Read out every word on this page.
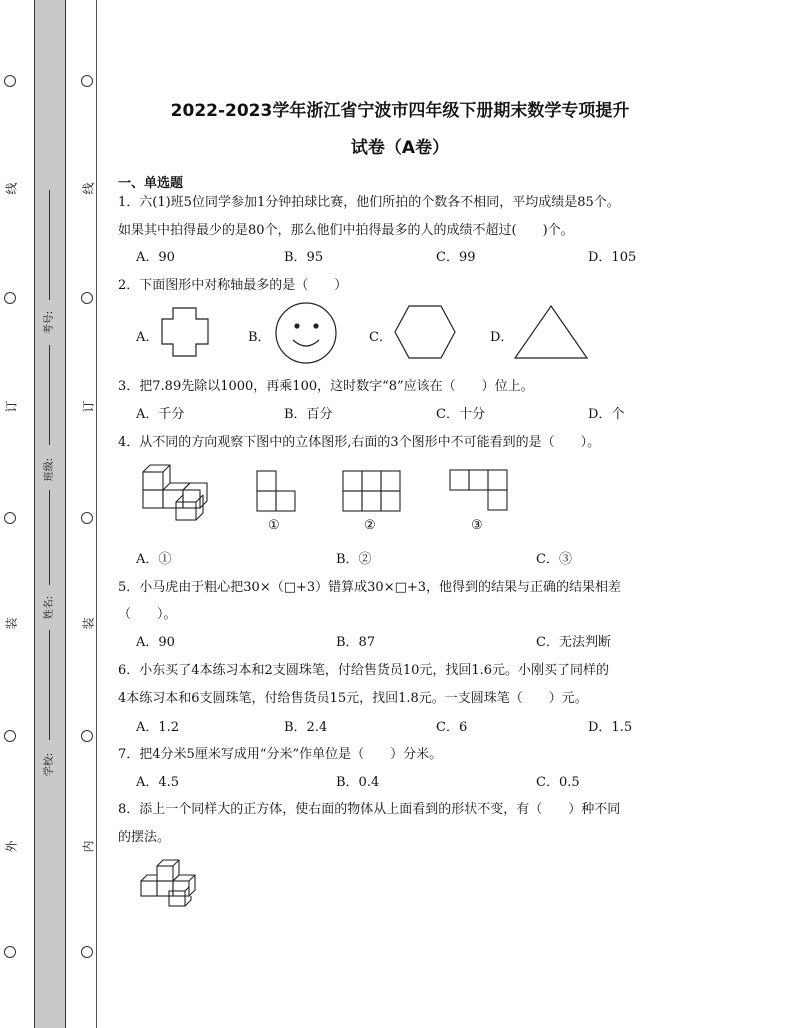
线
订
装
外
线
订
装
内
考号:
班级:
姓名:
学校:
2022-2023学年浙江省宁波市四年级下册期末数学专项提升
试卷（A卷）
一、单选题
1．六(1)班5位同学参加1分钟拍球比赛，他们所拍的个数各不相同，平均成绩是85个。
如果其中拍得最少的是80个，那么他们中拍得最多的人的成绩不超过(　　)个。
A．90	B．95	C．99	D．105
2．下面图形中对称轴最多的是（　　）
A．	B．	C．	D．
3．把7.89先除以1000，再乘100，这时数字“8”应该在（　　）位上。
A．千分	B．百分	C．十分	D．个
4．从不同的方向观察下图中的立体图形,右面的3个图形中不可能看到的是（　　）。
①	②	③
A．①	B．②	C．③
5．小马虎由于粗心把30×（□+3）错算成30×□+3，他得到的结果与正确的结果相差
（　　）。
A．90	B．87	C．无法判断
6．小东买了4本练习本和2支圆珠笔，付给售货员10元，找回1.6元。小刚买了同样的
4本练习本和6支圆珠笔，付给售货员15元，找回1.8元。一支圆珠笔（　　）元。
A．1.2	B．2.4	C．6	D．1.5
7．把4分米5厘米写成用“分米”作单位是（　　）分米。
A．4.5	B．0.4	C．0.5
8．添上一个同样大的正方体，使右面的物体从上面看到的形状不变，有（　　）种不同
的摆法。
